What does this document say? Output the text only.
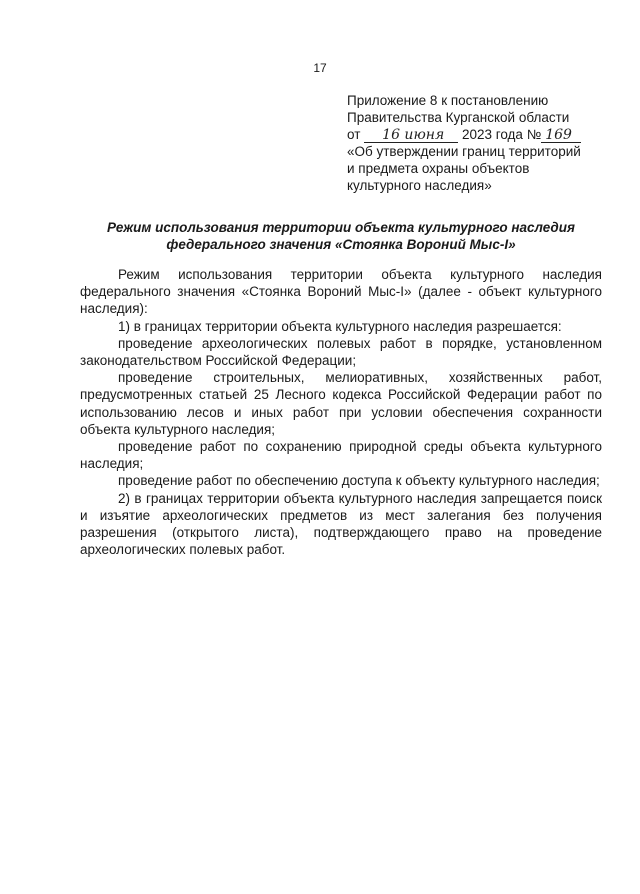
17
Приложение 8 к постановлению
Правительства Курганской области
от 16 июня 2023 года № 169
«Об утверждении границ территорий
и предмета охраны объектов
культурного наследия»
Режим использования территории объекта культурного наследия
федерального значения «Стоянка Вороний Мыс-I»

Режим использования территории объекта культурного наследия федерального значения «Стоянка Вороний Мыс-I» (далее - объект культурного наследия):

1) в границах территории объекта культурного наследия разрешается:

проведение археологических полевых работ в порядке, установленном законодательством Российской Федерации;

проведение строительных, мелиоративных, хозяйственных работ, предусмотренных статьей 25 Лесного кодекса Российской Федерации работ по использованию лесов и иных работ при условии обеспечения сохранности объекта культурного наследия;

проведение работ по сохранению природной среды объекта культурного наследия;

проведение работ по обеспечению доступа к объекту культурного наследия;

2) в границах территории объекта культурного наследия запрещается поиск и изъятие археологических предметов из мест залегания без получения разрешения (открытого листа), подтверждающего право на проведение археологических полевых работ.
